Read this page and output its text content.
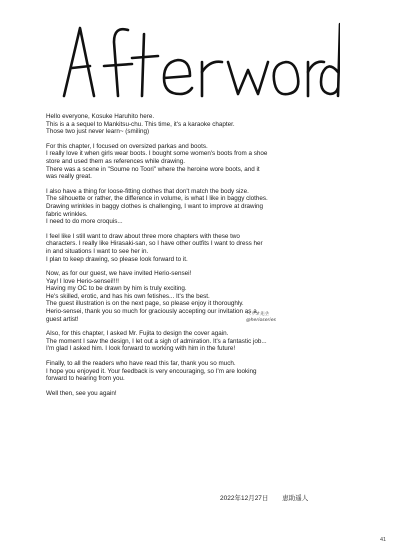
Hello everyone, Kosuke Haruhito here.
This is a a sequel to Mankitsu-chu. This time, it's a karaoke chapter.
Those two just never learn~ (smiling)

For this chapter, I focused on oversized parkas and boots.
I really love it when girls wear boots. I bought some women's boots from a shoe
store and used them as references while drawing.
There was a scene in "Soume no Toori" where the heroine wore boots, and it
was really great.

I also have a thing for loose-fitting clothes that don't match the body size.
The silhouette or rather, the difference in volume, is what I like in baggy clothes.
Drawing wrinkles in baggy clothes is challenging, I want to improve at drawing
fabric wrinkles.
I need to do more croquis...

I feel like I still want to draw about three more chapters with these two
characters. I really like Hirasaki-san, so I have other outfits I want to dress her
in and situations I want to see her in.
I plan to keep drawing, so please look forward to it.

Now, as for our guest, we have invited Herio-sensei!
Yay! I love Herio-sensei!!!!
Having my OC to be drawn by him is truly exciting.
He's skilled, erotic, and has his own fetishes... It's the best.
The guest illustration is on the next page, so please enjoy it thoroughly.
Herio-sensei, thank you so much for graciously accepting our invitation as a
guest artist!

Also, for this chapter, I asked Mr. Fujita to design the cover again.
The moment I saw the design, I let out a sigh of admiration. It's a fantastic job...
I'm glad I asked him. I look forward to working with him in the future!

Finally, to all the readers who have read this far, thank you so much.
I hope you enjoyed it. Your feedback is very encouraging, so I'm are looking
forward to hearing from you.

Well then, see you again!

ヘリオ先生
@herioseries
2022年12月27日 恵助遥人
41
